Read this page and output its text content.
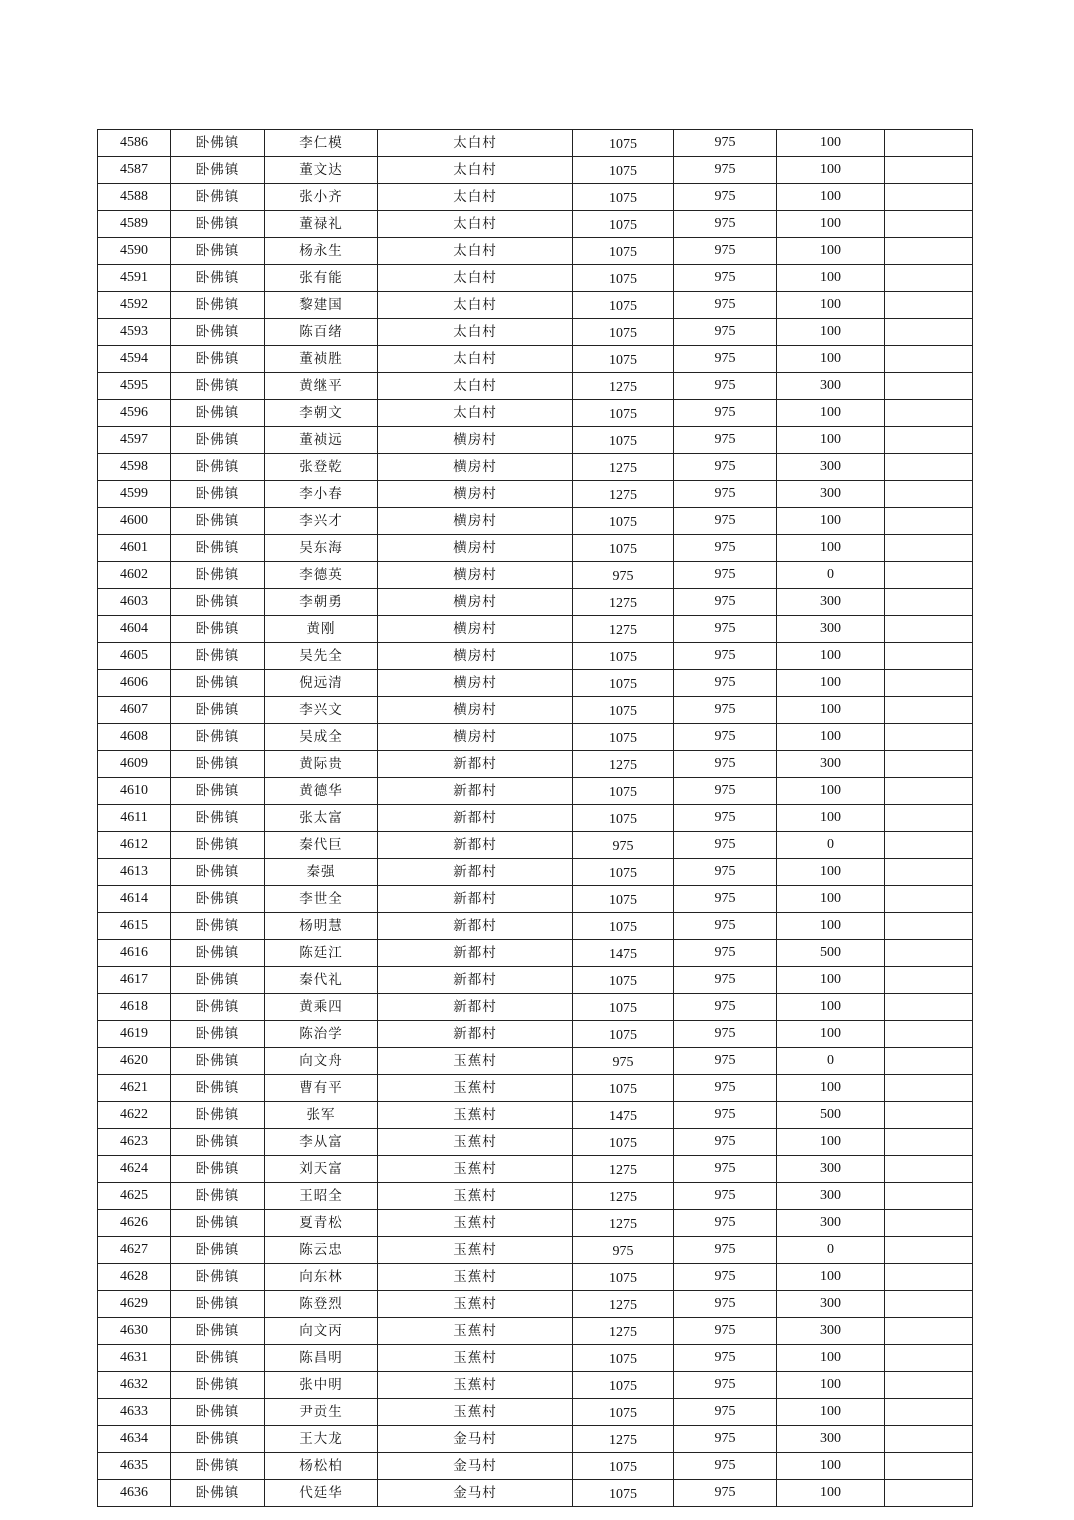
4586	卧佛镇	李仁模	太白村	1075	975	100	
4587	卧佛镇	董文达	太白村	1075	975	100	
4588	卧佛镇	张小齐	太白村	1075	975	100	
4589	卧佛镇	董禄礼	太白村	1075	975	100	
4590	卧佛镇	杨永生	太白村	1075	975	100	
4591	卧佛镇	张有能	太白村	1075	975	100	
4592	卧佛镇	黎建国	太白村	1075	975	100	
4593	卧佛镇	陈百绪	太白村	1075	975	100	
4594	卧佛镇	董祯胜	太白村	1075	975	100	
4595	卧佛镇	黄继平	太白村	1275	975	300	
4596	卧佛镇	李朝文	太白村	1075	975	100	
4597	卧佛镇	董祯远	横房村	1075	975	100	
4598	卧佛镇	张登乾	横房村	1275	975	300	
4599	卧佛镇	李小春	横房村	1275	975	300	
4600	卧佛镇	李兴才	横房村	1075	975	100	
4601	卧佛镇	吴东海	横房村	1075	975	100	
4602	卧佛镇	李德英	横房村	975	975	0	
4603	卧佛镇	李朝勇	横房村	1275	975	300	
4604	卧佛镇	黄刚	横房村	1275	975	300	
4605	卧佛镇	吴先全	横房村	1075	975	100	
4606	卧佛镇	倪远清	横房村	1075	975	100	
4607	卧佛镇	李兴文	横房村	1075	975	100	
4608	卧佛镇	吴成全	横房村	1075	975	100	
4609	卧佛镇	黄际贵	新都村	1275	975	300	
4610	卧佛镇	黄德华	新都村	1075	975	100	
4611	卧佛镇	张太富	新都村	1075	975	100	
4612	卧佛镇	秦代巨	新都村	975	975	0	
4613	卧佛镇	秦强	新都村	1075	975	100	
4614	卧佛镇	李世全	新都村	1075	975	100	
4615	卧佛镇	杨明慧	新都村	1075	975	100	
4616	卧佛镇	陈廷江	新都村	1475	975	500	
4617	卧佛镇	秦代礼	新都村	1075	975	100	
4618	卧佛镇	黄乘四	新都村	1075	975	100	
4619	卧佛镇	陈治学	新都村	1075	975	100	
4620	卧佛镇	向文舟	玉蕉村	975	975	0	
4621	卧佛镇	曹有平	玉蕉村	1075	975	100	
4622	卧佛镇	张军	玉蕉村	1475	975	500	
4623	卧佛镇	李从富	玉蕉村	1075	975	100	
4624	卧佛镇	刘天富	玉蕉村	1275	975	300	
4625	卧佛镇	王昭全	玉蕉村	1275	975	300	
4626	卧佛镇	夏青松	玉蕉村	1275	975	300	
4627	卧佛镇	陈云忠	玉蕉村	975	975	0	
4628	卧佛镇	向东林	玉蕉村	1075	975	100	
4629	卧佛镇	陈登烈	玉蕉村	1275	975	300	
4630	卧佛镇	向文丙	玉蕉村	1275	975	300	
4631	卧佛镇	陈昌明	玉蕉村	1075	975	100	
4632	卧佛镇	张中明	玉蕉村	1075	975	100	
4633	卧佛镇	尹贡生	玉蕉村	1075	975	100	
4634	卧佛镇	王大龙	金马村	1275	975	300	
4635	卧佛镇	杨松柏	金马村	1075	975	100	
4636	卧佛镇	代廷华	金马村	1075	975	100	
